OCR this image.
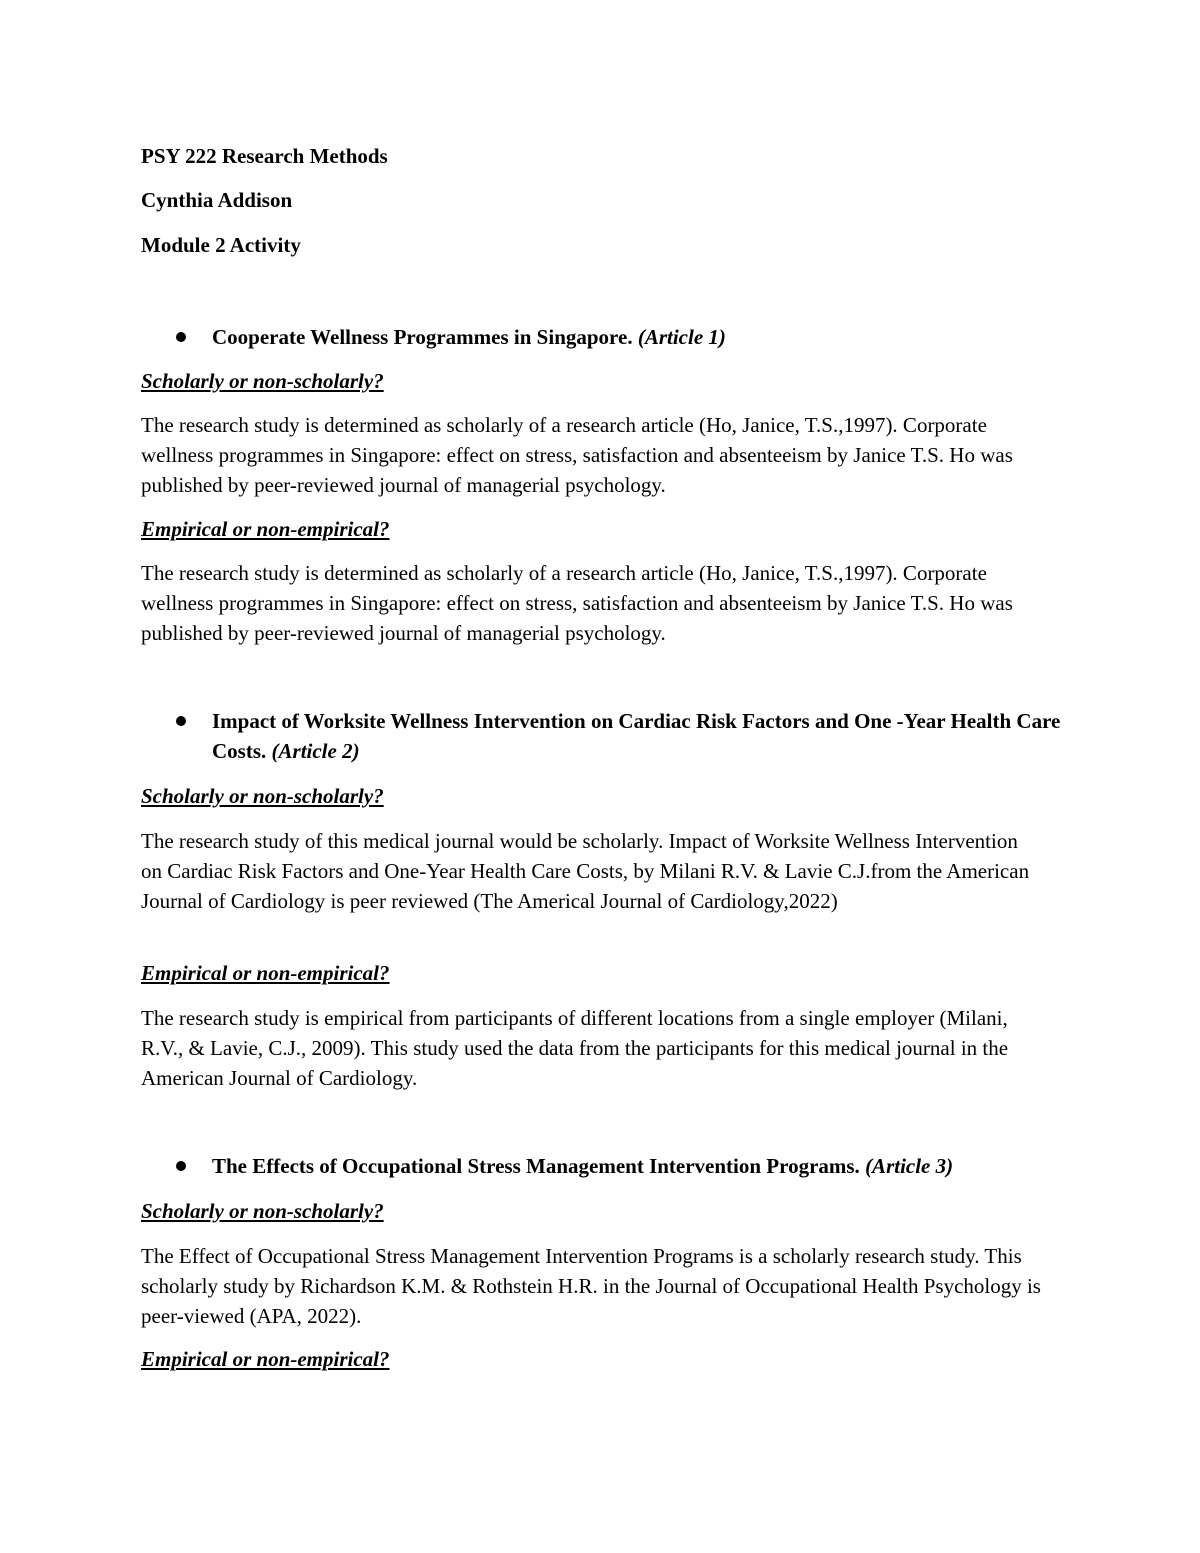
PSY 222 Research Methods
Cynthia Addison
Module 2 Activity
Cooperate Wellness Programmes in Singapore. (Article 1)
Scholarly or non-scholarly?
The research study is determined as scholarly of a research article (Ho, Janice, T.S.,1997). Corporate wellness programmes in Singapore: effect on stress, satisfaction and absenteeism by Janice T.S. Ho was published by peer-reviewed journal of managerial psychology.
Empirical or non-empirical?
The research study is determined as scholarly of a research article (Ho, Janice, T.S.,1997). Corporate wellness programmes in Singapore: effect on stress, satisfaction and absenteeism by Janice T.S. Ho was published by peer-reviewed journal of managerial psychology.
Impact of Worksite Wellness Intervention on Cardiac Risk Factors and One -Year Health Care Costs. (Article 2)
Scholarly or non-scholarly?
The research study of this medical journal would be scholarly. Impact of Worksite Wellness Intervention on Cardiac Risk Factors and One-Year Health Care Costs, by Milani R.V. & Lavie C.J.from the American Journal of Cardiology is peer reviewed (The Americal Journal of Cardiology,2022)
Empirical or non-empirical?
The research study is empirical from participants of different locations from a single employer (Milani, R.V., & Lavie, C.J., 2009). This study used the data from the participants for this medical journal in the American Journal of Cardiology.
The Effects of Occupational Stress Management Intervention Programs. (Article 3)
Scholarly or non-scholarly?
The Effect of Occupational Stress Management Intervention Programs is a scholarly research study. This scholarly study by Richardson K.M. & Rothstein H.R. in the Journal of Occupational Health Psychology is peer-viewed (APA, 2022).
Empirical or non-empirical?
